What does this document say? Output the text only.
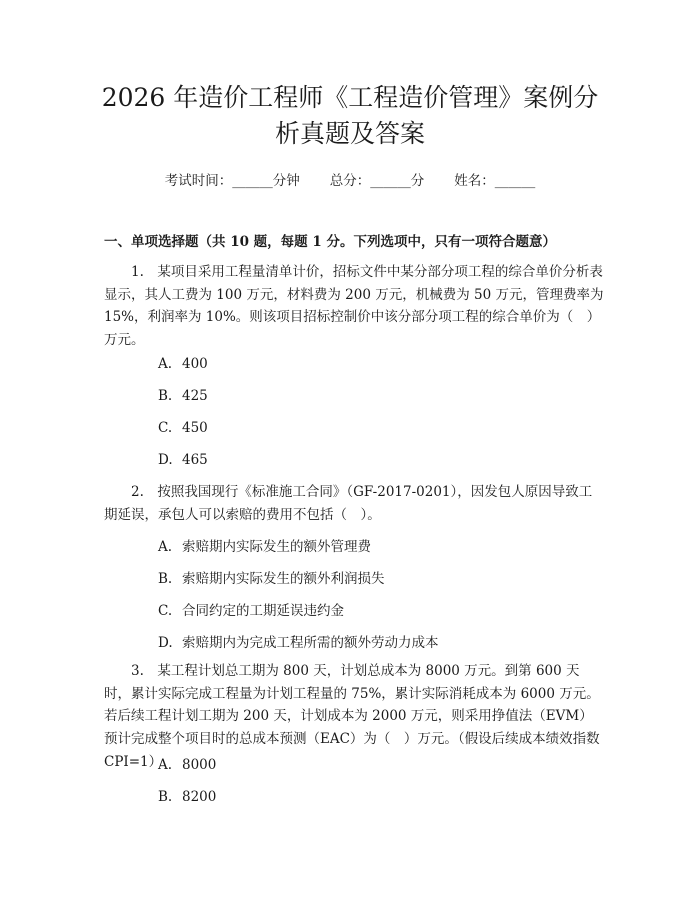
2026 年造价工程师《工程造价管理》案例分
析真题及答案
考试时间：______分钟 总分：______分 姓名：______

一、单项选择题（共 10 题，每题 1 分。下列选项中，只有一项符合题意）

1.　某项目采用工程量清单计价，招标文件中某分部分项工程的综合单价分析表显示，其人工费为 100 万元，材料费为 200 万元，机械费为 50 万元，管理费率为 15%，利润率为 10%。则该项目招标控制价中该分部分项工程的综合单价为（　）万元。

A. 400
B. 425
C. 450
D. 465

2.　按照我国现行《标准施工合同》（GF-2017-0201），因发包人原因导致工期延误，承包人可以索赔的费用不包括（　）。

A. 索赔期内实际发生的额外管理费
B. 索赔期内实际发生的额外利润损失
C. 合同约定的工期延误违约金
D. 索赔期内为完成工程所需的额外劳动力成本

3.　某工程计划总工期为 800 天，计划总成本为 8000 万元。到第 600 天时，累计实际完成工程量为计划工程量的 75%，累计实际消耗成本为 6000 万元。若后续工程计划工期为 200 天，计划成本为 2000 万元，则采用挣值法（EVM）预计完成整个项目时的总成本预测（EAC）为（　）万元。（假设后续成本绩效指数 CPI=1）

A. 8000
B. 8200
